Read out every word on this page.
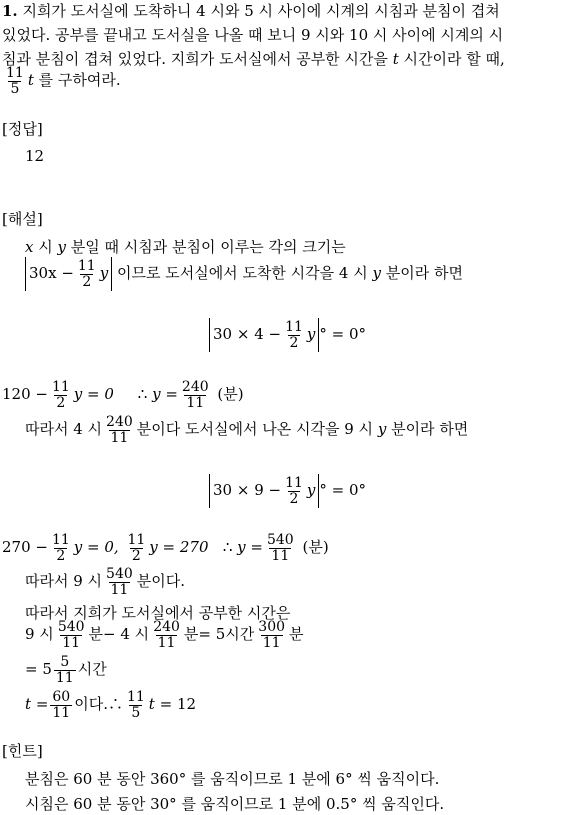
1. 지희가 도서실에 도착하니 4 시와 5 시 사이에 시계의 시침과 분침이 겹쳐
있었다. 공부를 끝내고 도서실을 나올 때 보니 9 시와 10 시 사이에 시계의 시
침과 분침이 겹쳐 있었다. 지희가 도서실에서 공부한 시간을 t 시간이라 할 때,
$\frac{11}{5}$ t 를 구하여라.
[정답]
12
[해설]
x 시 y 분일 때 시침과 분침이 이루는 각의 크기는
$30x - \frac{11}{2}$ y 이므로 도서실에서 도착한 시각을 4 시 y 분이라 하면
$30 \times 4 - \frac{11}{2}$ y ° = 0°
$120 - \frac{11}{2}$ y = 0 ∴ $y = \frac{240}{11}$ (분)
따라서 4 시 $\frac{240}{11}$ 분이다 도서실에서 나온 시각을 9 시 y 분이라 하면
$30 \times 9 - \frac{11}{2}$ y ° = 0°
$270 - \frac{11}{2}$ y = 0, $\frac{11}{2}$ y = 270 ∴ $y = \frac{540}{11}$ (분)
따라서 9 시 $\frac{540}{11}$ 분이다.
따라서 지희가 도서실에서 공부한 시간은
9 시 $\frac{540}{11}$ 분− 4 시 $\frac{240}{11}$ 분= 5시간 $\frac{300}{11}$ 분
= $5 \frac{5}{11}$ 시간
$t = \frac{60}{11}$ 이다.∴ $\frac{11}{5}$ t = 12
[힌트]
분침은 60 분 동안 360° 를 움직이므로 1 분에 6° 씩 움직이다.
시침은 60 분 동안 30° 를 움직이므로 1 분에 0.5° 씩 움직인다.
